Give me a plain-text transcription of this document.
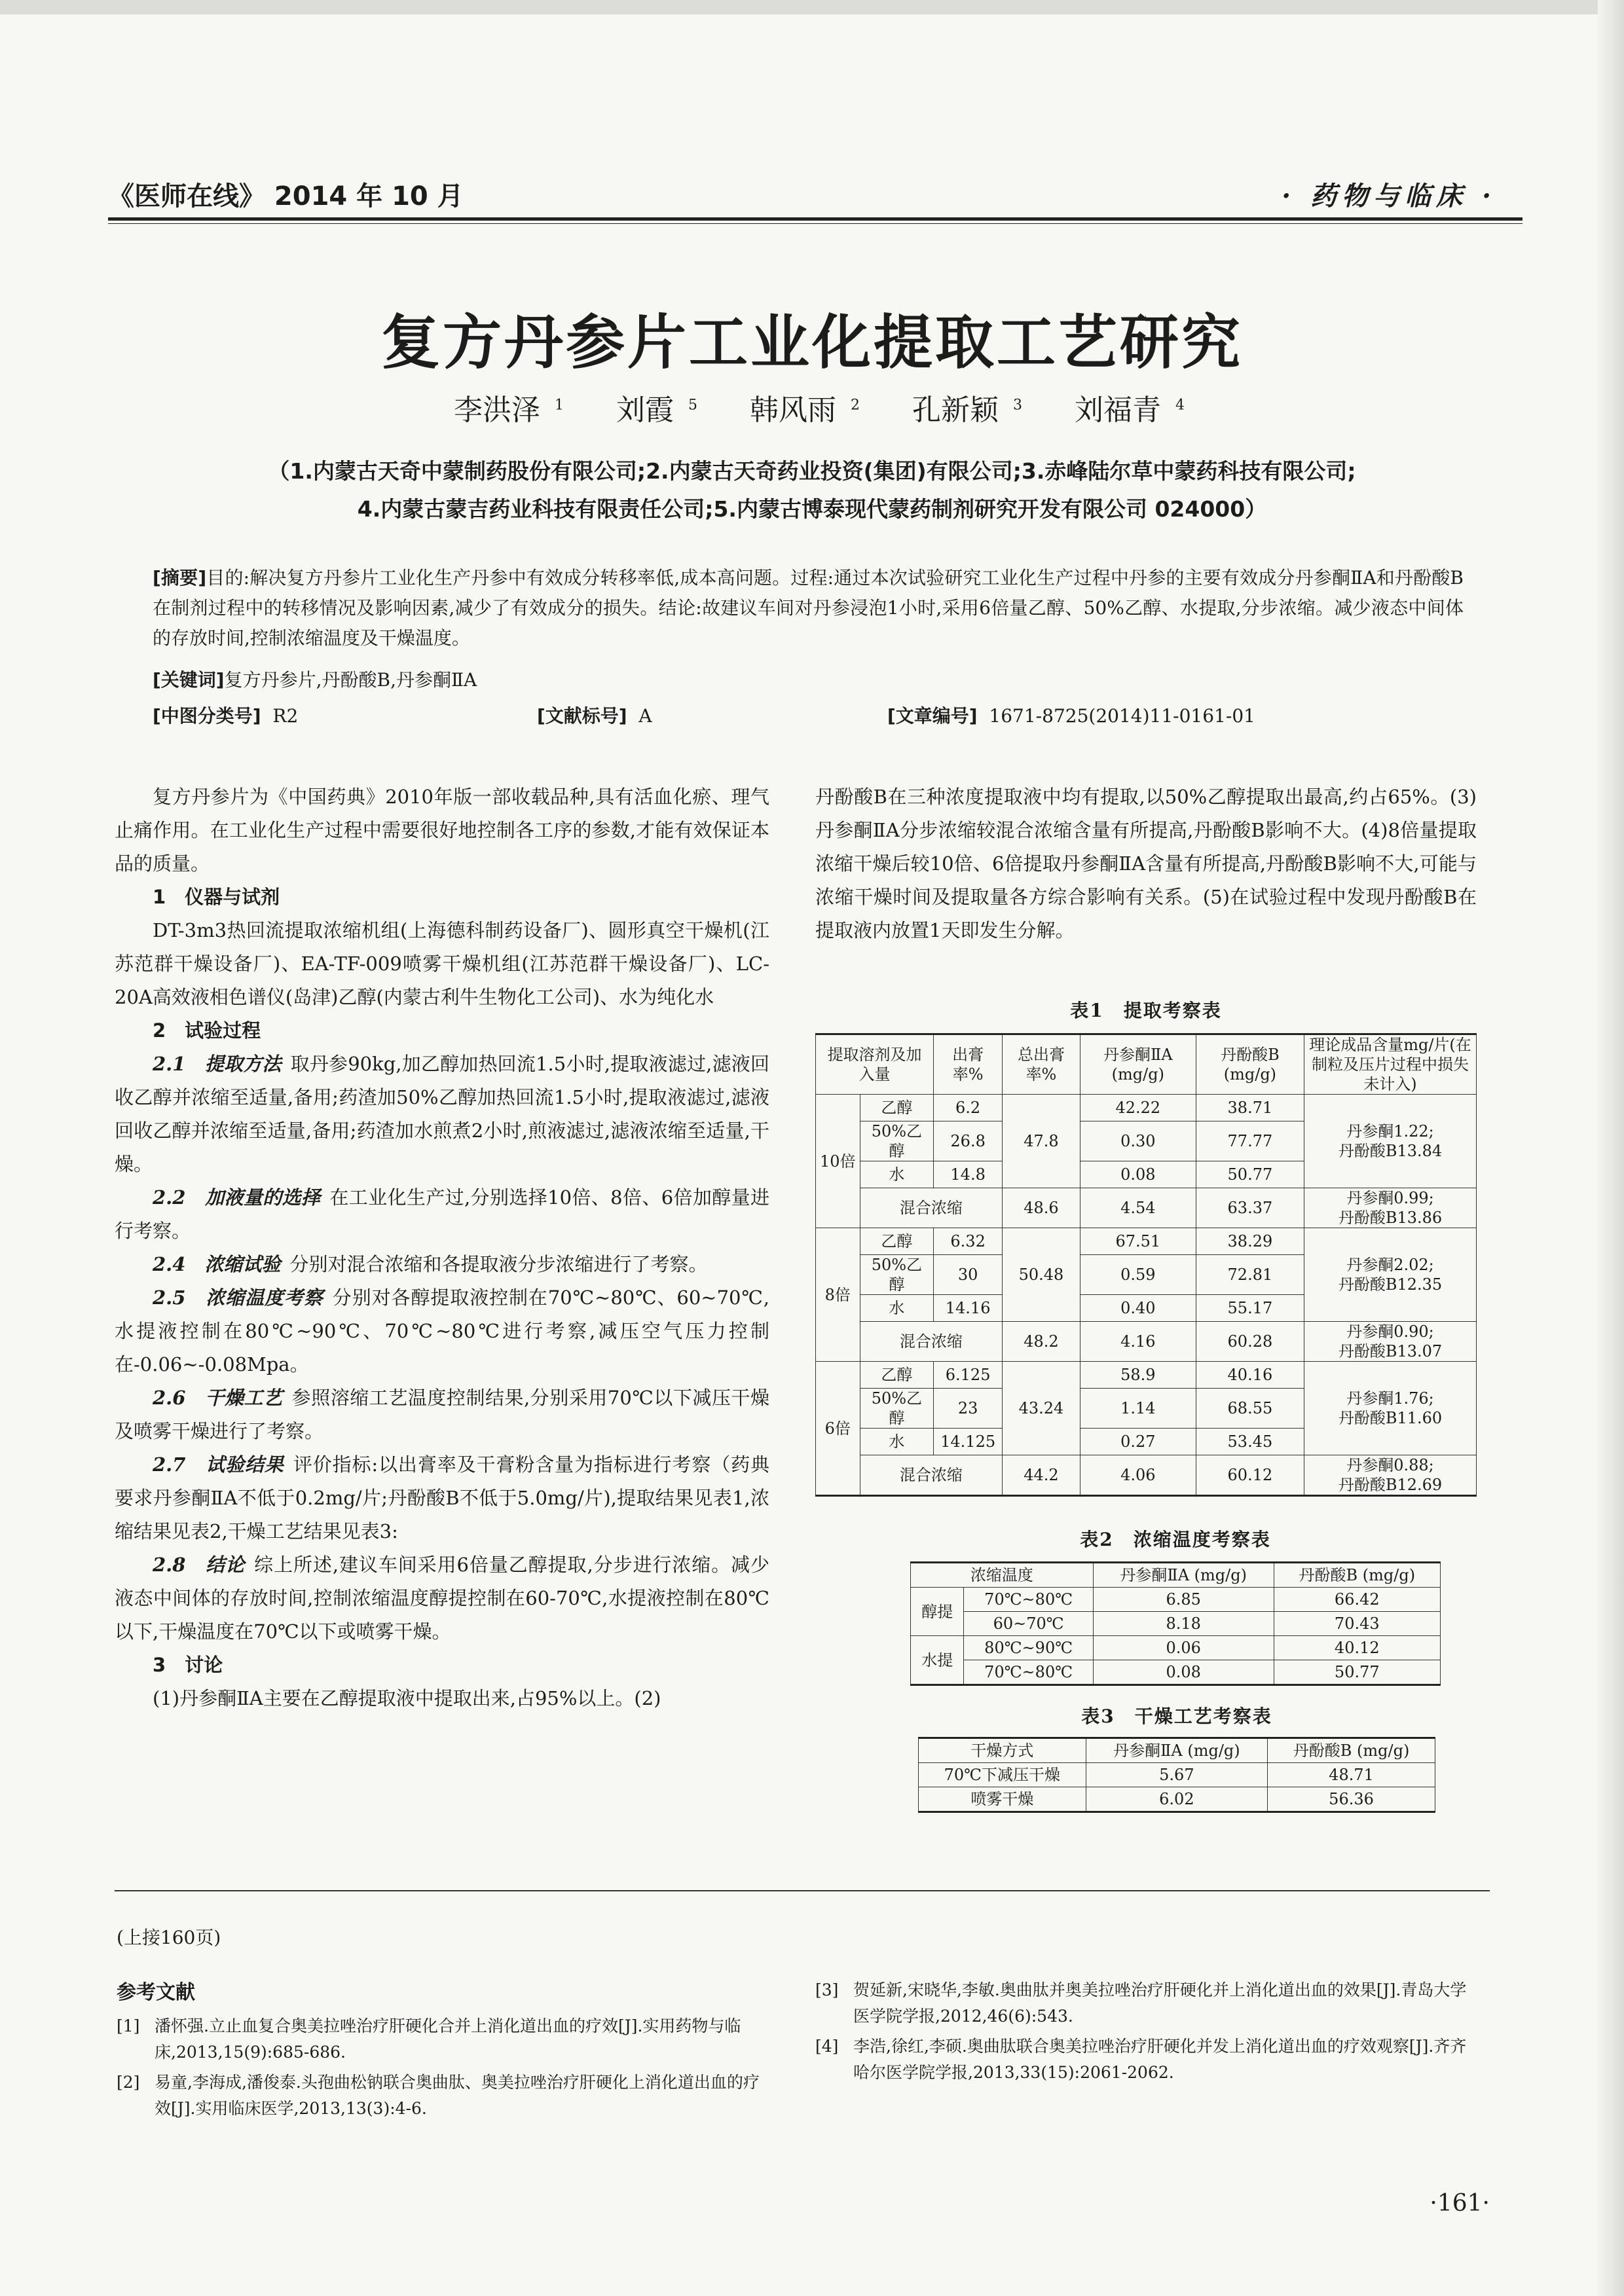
《医师在线》 2014 年 10 月	· 药物与临床 ·
复方丹参片工业化提取工艺研究
李洪泽 $^1$ 刘霞 $^5$ 韩风雨 $^2$ 孔新颖 $^3$ 刘福青 $^4$
（1.内蒙古天奇中蒙制药股份有限公司;2.内蒙古天奇药业投资(集团)有限公司;3.赤峰陆尔草中蒙药科技有限公司;
4.内蒙古蒙吉药业科技有限责任公司;5.内蒙古博泰现代蒙药制剂研究开发有限公司 024000）
[摘要]目的:解决复方丹参片工业化生产丹参中有效成分转移率低,成本高问题。过程:通过本次试验研究工业化生产过程中丹参的主要有效成分丹参酮ⅡA和丹酚酸B在制剂过程中的转移情况及影响因素,减少了有效成分的损失。结论:故建议车间对丹参浸泡1小时,采用6倍量乙醇、50%乙醇、水提取,分步浓缩。减少液态中间体的存放时间,控制浓缩温度及干燥温度。
[关键词]复方丹参片,丹酚酸B,丹参酮ⅡA
[中图分类号] R2	[文献标号] A	[文章编号] 1671-8725(2014)11-0161-01

复方丹参片为《中国药典》2010年版一部收载品种,具有活血化瘀、理气止痛作用。在工业化生产过程中需要很好地控制各工序的参数,才能有效保证本品的质量。

1　仪器与试剂

DT-3m3热回流提取浓缩机组(上海德科制药设备厂)、圆形真空干燥机(江苏范群干燥设备厂)、EA-TF-009喷雾干燥机组(江苏范群干燥设备厂)、LC-20A高效液相色谱仪(岛津)乙醇(内蒙古利牛生物化工公司)、水为纯化水

2　试验过程

2.1　提取方法 取丹参90kg,加乙醇加热回流1.5小时,提取液滤过,滤液回收乙醇并浓缩至适量,备用;药渣加50%乙醇加热回流1.5小时,提取液滤过,滤液回收乙醇并浓缩至适量,备用;药渣加水煎煮2小时,煎液滤过,滤液浓缩至适量,干燥。

2.2　加液量的选择 在工业化生产过,分别选择10倍、8倍、6倍加醇量进行考察。

2.4　浓缩试验 分别对混合浓缩和各提取液分步浓缩进行了考察。

2.5　浓缩温度考察 分别对各醇提取液控制在70℃~80℃、60~70℃,水提液控制在80℃~90℃、70℃~80℃进行考察,减压空气压力控制在-0.06~-0.08Mpa。

2.6　干燥工艺 参照溶缩工艺温度控制结果,分别采用70℃以下减压干燥及喷雾干燥进行了考察。

2.7　试验结果 评价指标:以出膏率及干膏粉含量为指标进行考察（药典要求丹参酮ⅡA不低于0.2mg/片;丹酚酸B不低于5.0mg/片),提取结果见表1,浓缩结果见表2,干燥工艺结果见表3:

2.8　结论 综上所述,建议车间采用6倍量乙醇提取,分步进行浓缩。减少液态中间体的存放时间,控制浓缩温度醇提控制在60-70℃,水提液控制在80℃以下,干燥温度在70℃以下或喷雾干燥。

3　讨论

(1)丹参酮ⅡA主要在乙醇提取液中提取出来,占95%以上。(2)

丹酚酸B在三种浓度提取液中均有提取,以50%乙醇提取出最高,约占65%。(3)丹参酮ⅡA分步浓缩较混合浓缩含量有所提高,丹酚酸B影响不大。(4)8倍量提取浓缩干燥后较10倍、6倍提取丹参酮ⅡA含量有所提高,丹酚酸B影响不大,可能与浓缩干燥时间及提取量各方综合影响有关系。(5)在试验过程中发现丹酚酸B在提取液内放置1天即发生分解。

表1　提取考察表
提取溶剂及加入量		出膏率%	总出膏率%	丹参酮ⅡA (mg/g)	丹酚酸B (mg/g)	理论成品含量mg/片(在制粒及压片过程中损失未计入)
10倍	乙醇	6.2	47.8	42.22	38.71	丹参酮1.22;
丹酚酸B13.84
	50%乙醇	26.8		0.30	77.77	
	水	14.8		0.08	50.77	
	混合浓缩		48.6	4.54	63.37	丹参酮0.99;
丹酚酸B13.86
8倍	乙醇	6.32	50.48	67.51	38.29	丹参酮2.02;
丹酚酸B12.35
	50%乙醇	30		0.59	72.81	
	水	14.16		0.40	55.17	
	混合浓缩		48.2	4.16	60.28	丹参酮0.90;
丹酚酸B13.07
6倍	乙醇	6.125	43.24	58.9	40.16	丹参酮1.76;
丹酚酸B11.60
	50%乙醇	23		1.14	68.55	
	水	14.125		0.27	53.45	
	混合浓缩		44.2	4.06	60.12	丹参酮0.88;
丹酚酸B12.69
表2　浓缩温度考察表
浓缩温度		丹参酮ⅡA (mg/g)	丹酚酸B (mg/g)
醇提	70℃~80℃	6.85	66.42
	60~70℃	8.18	70.43
水提	80℃~90℃	0.06	40.12
	70℃~80℃	0.08	50.77
表3　干燥工艺考察表
干燥方式	丹参酮ⅡA (mg/g)	丹酚酸B (mg/g)
70℃下减压干燥	5.67	48.71
喷雾干燥	6.02	56.36
(上接160页)
参考文献
[1] 潘怀强.立止血复合奥美拉唑治疗肝硬化合并上消化道出血的疗效[J].实用药物与临床,2013,15(9):685-686.
[2] 易童,李海成,潘俊泰.头孢曲松钠联合奥曲肽、奥美拉唑治疗肝硬化上消化道出血的疗效[J].实用临床医学,2013,13(3):4-6.
[3] 贺延新,宋晓华,李敏.奥曲肽并奥美拉唑治疗肝硬化并上消化道出血的效果[J].青岛大学医学院学报,2012,46(6):543.
[4] 李浩,徐红,李硕.奥曲肽联合奥美拉唑治疗肝硬化并发上消化道出血的疗效观察[J].齐齐哈尔医学院学报,2013,33(15):2061-2062.
·161·
